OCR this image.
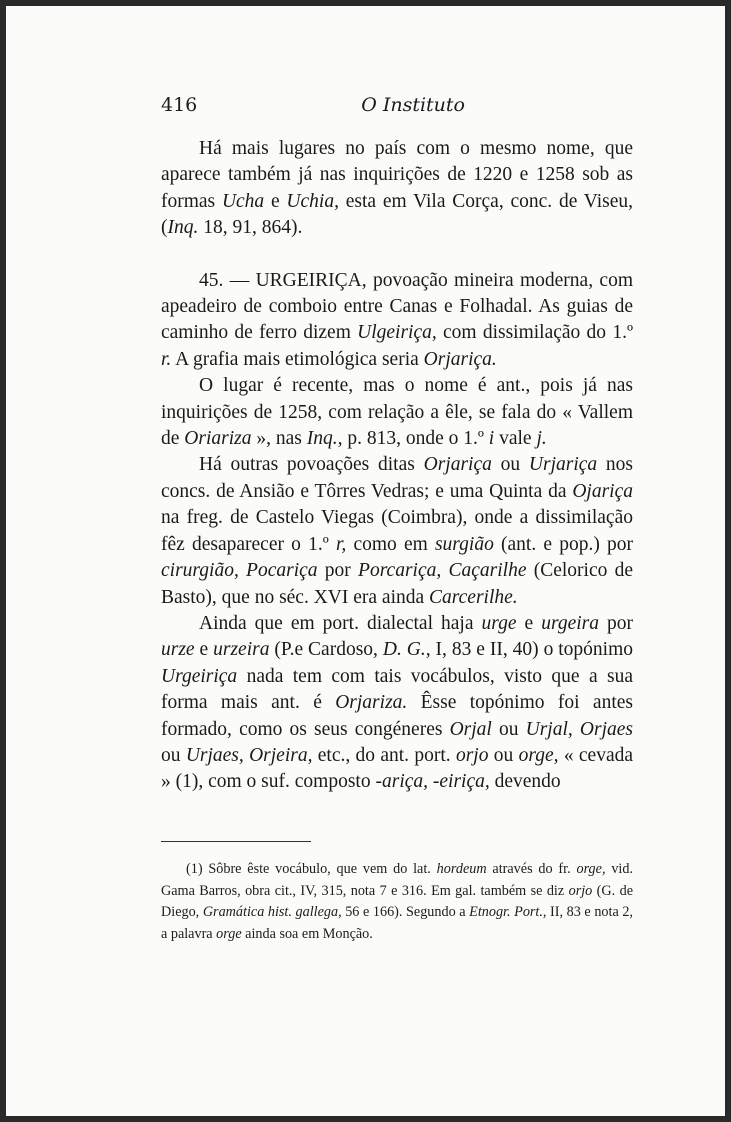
416	O Instituto

Há mais lugares no país com o mesmo nome, que aparece também já nas inquirições de 1220 e 1258 sob as formas Ucha e Uchia, esta em Vila Corça, conc. de Viseu, (Inq. 18, 91, 864).

45. — URGEIRIÇA, povoação mineira moderna, com apeadeiro de comboio entre Canas e Folhadal. As guias de caminho de ferro dizem Ulgeiriça, com dissimilação do 1.º r. A grafia mais etimológica seria Orjariça.

O lugar é recente, mas o nome é ant., pois já nas inquirições de 1258, com relação a êle, se fala do « Vallem de Oriariza », nas Inq., p. 813, onde o 1.º i vale j.

Há outras povoações ditas Orjariça ou Urjariça nos concs. de Ansião e Tôrres Vedras; e uma Quinta da Ojariça na freg. de Castelo Viegas (Coimbra), onde a dissimilação fêz desaparecer o 1.º r, como em surgião (ant. e pop.) por cirurgião, Pocariça por Porcariça, Caçarilhe (Celorico de Basto), que no séc. XVI era ainda Carcerilhe.

Ainda que em port. dialectal haja urge e urgeira por urze e urzeira (P.e Cardoso, D. G., I, 83 e II, 40) o topónimo Urgeiriça nada tem com tais vocábulos, visto que a sua forma mais ant. é Orjariza. Êsse topónimo foi antes formado, como os seus congéneres Orjal ou Urjal, Orjaes ou Urjaes, Orjeira, etc., do ant. port. orjo ou orge, « cevada » (1), com o suf. composto -ariça, -eiriça, devendo

(1) Sôbre êste vocábulo, que vem do lat. hordeum através do fr. orge, vid. Gama Barros, obra cit., IV, 315, nota 7 e 316. Em gal. também se diz orjo (G. de Diego, Gramática hist. gallega, 56 e 166). Segundo a Etnogr. Port., II, 83 e nota 2, a palavra orge ainda soa em Monção.
